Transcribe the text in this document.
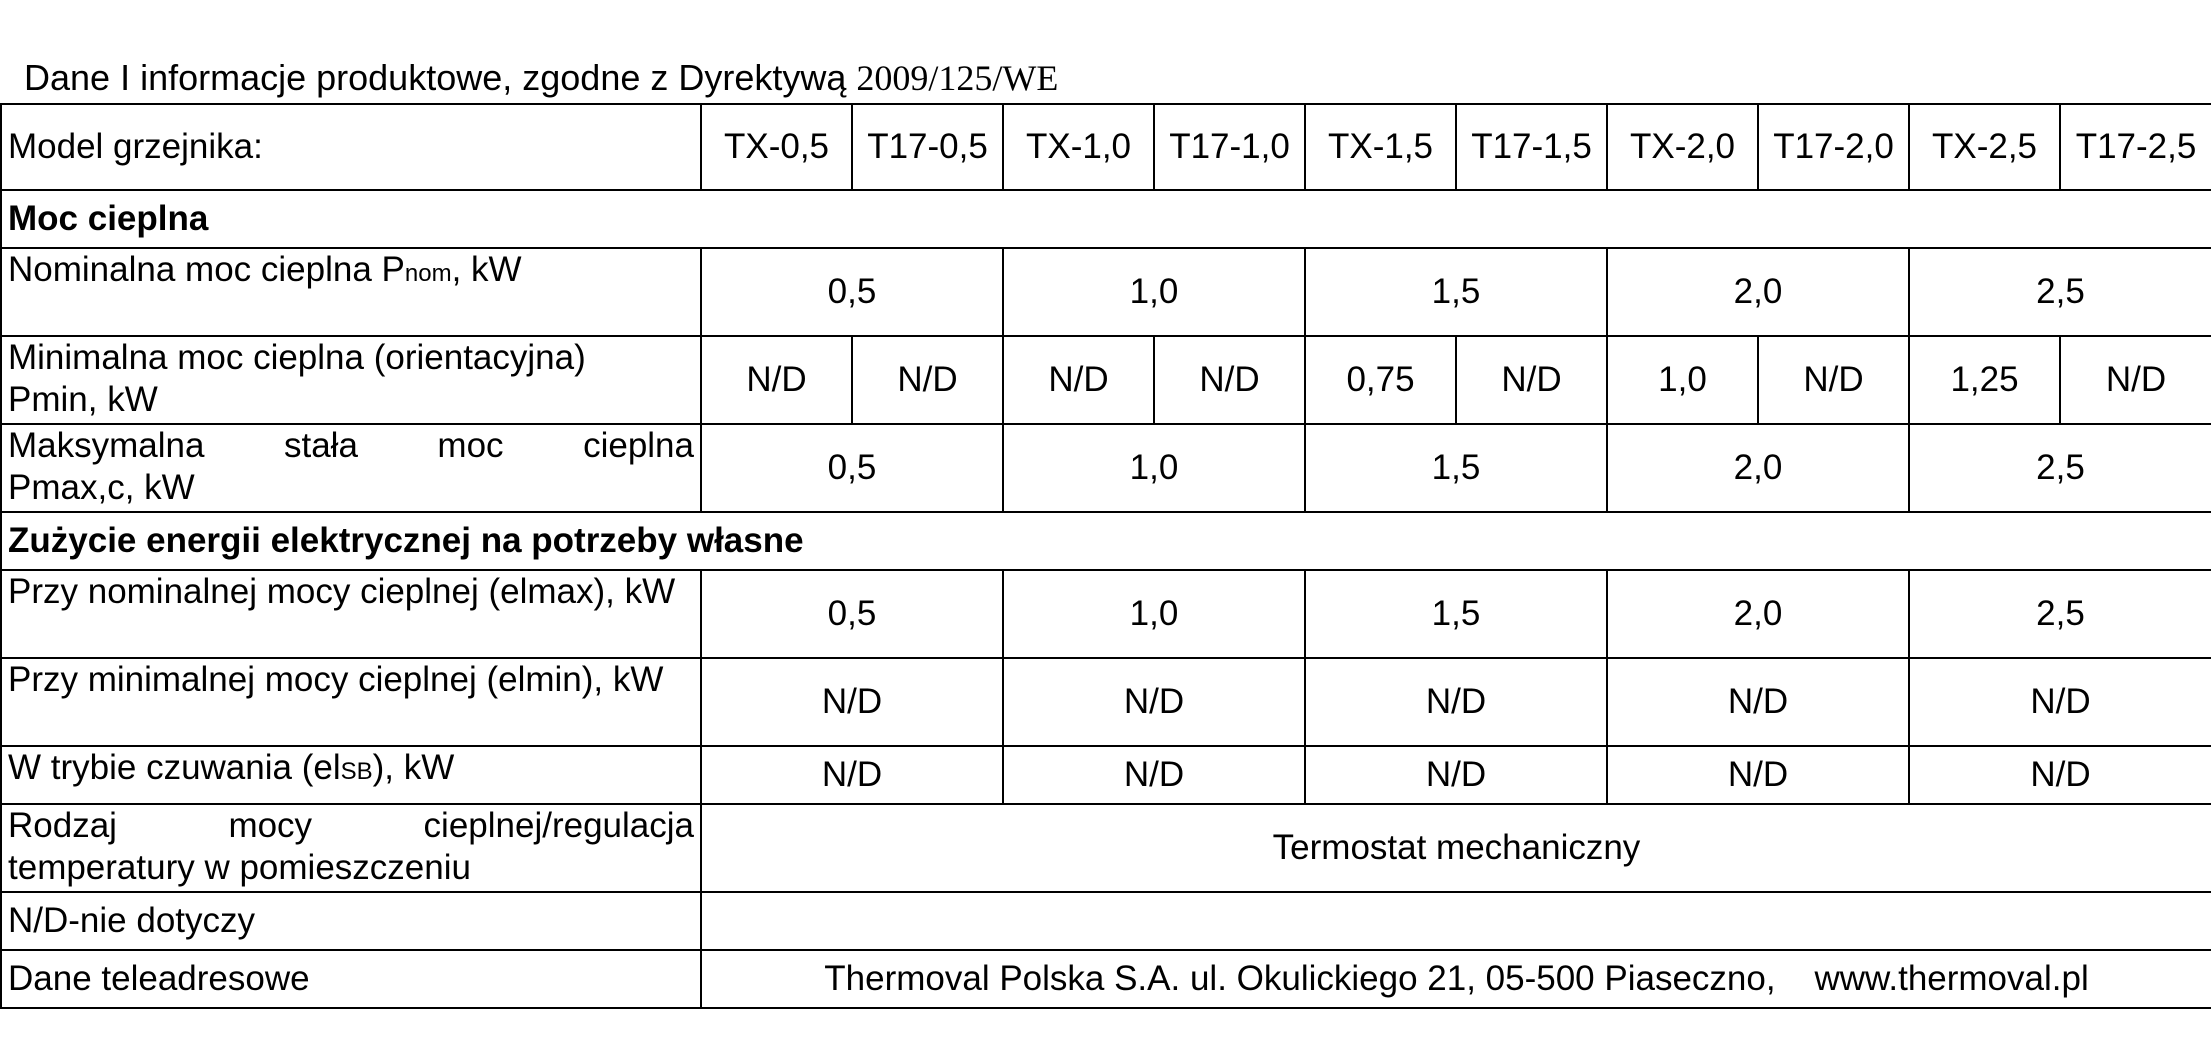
Dane I informacje produktowe, zgodne z Dyrektywą 2009/125/WE
Model grzejnika:	TX-0,5	T17-0,5	TX-1,0	T17-1,0	TX-1,5	T17-1,5	TX-2,0	T17-2,0	TX-2,5	T17-2,5
Moc cieplna										
Nominalna moc cieplna Pnom, kW	0,5		1,0		1,5		2,0		2,5	

Minimalna moc cieplna (orientacyjna)
Pmin, kW	N/D	N/D	N/D	N/D	0,75	N/D	1,0	N/D	1,25	N/D

Maksymalna stała moc cieplna
Pmax,c, kW	0,5		1,0		1,5		2,0		2,5	
Zużycie energii elektrycznej na potrzeby własne										
Przy nominalnej mocy cieplnej (elmax), kW	0,5		1,0		1,5		2,0		2,5	
Przy minimalnej mocy cieplnej (elmin), kW	N/D		N/D		N/D		N/D		N/D	
W trybie czuwania (elSB), kW	N/D		N/D		N/D		N/D		N/D	

Rodzaj mocy cieplnej/regulacja
temperatury w pomieszczeniu	Termostat mechaniczny									
N/D-nie dotyczy										
Dane teleadresowe	Thermoval Polska S.A. ul. Okulickiego 21, 05-500 Piaseczno,    www.thermoval.pl									
